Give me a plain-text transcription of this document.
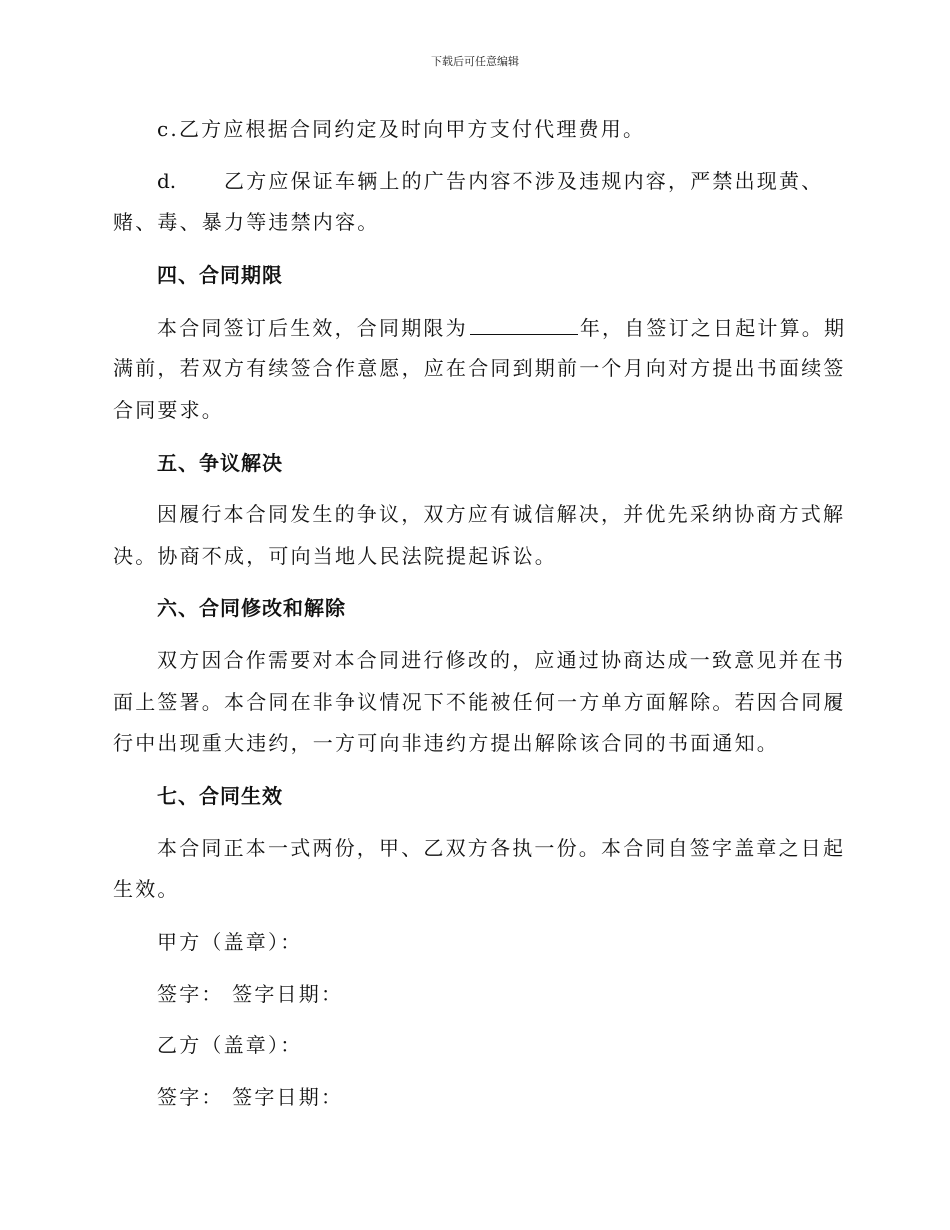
下载后可任意编辑
c.乙方应根据合同约定及时向甲方支付代理费用。
d. 乙方应保证车辆上的广告内容不涉及违规内容，严禁出现黄、
赌、毒、暴力等违禁内容。
四、合同期限
本合同签订后生效，合同期限为	年，自签订之日起计算。期
满前，若双方有续签合作意愿，应在合同到期前一个月向对方提出书面续签
合同要求。
五、争议解决
因履行本合同发生的争议，双方应有诚信解决，并优先采纳协商方式解
决。协商不成，可向当地人民法院提起诉讼。
六、合同修改和解除
双方因合作需要对本合同进行修改的，应通过协商达成一致意见并在书
面上签署。本合同在非争议情况下不能被任何一方单方面解除。若因合同履
行中出现重大违约，一方可向非违约方提出解除该合同的书面通知。
七、合同生效
本合同正本一式两份，甲、乙双方各执一份。本合同自签字盖章之日起
生效。
甲方（盖章）：
签字： 签字日期：
乙方（盖章）：
签字： 签字日期：
